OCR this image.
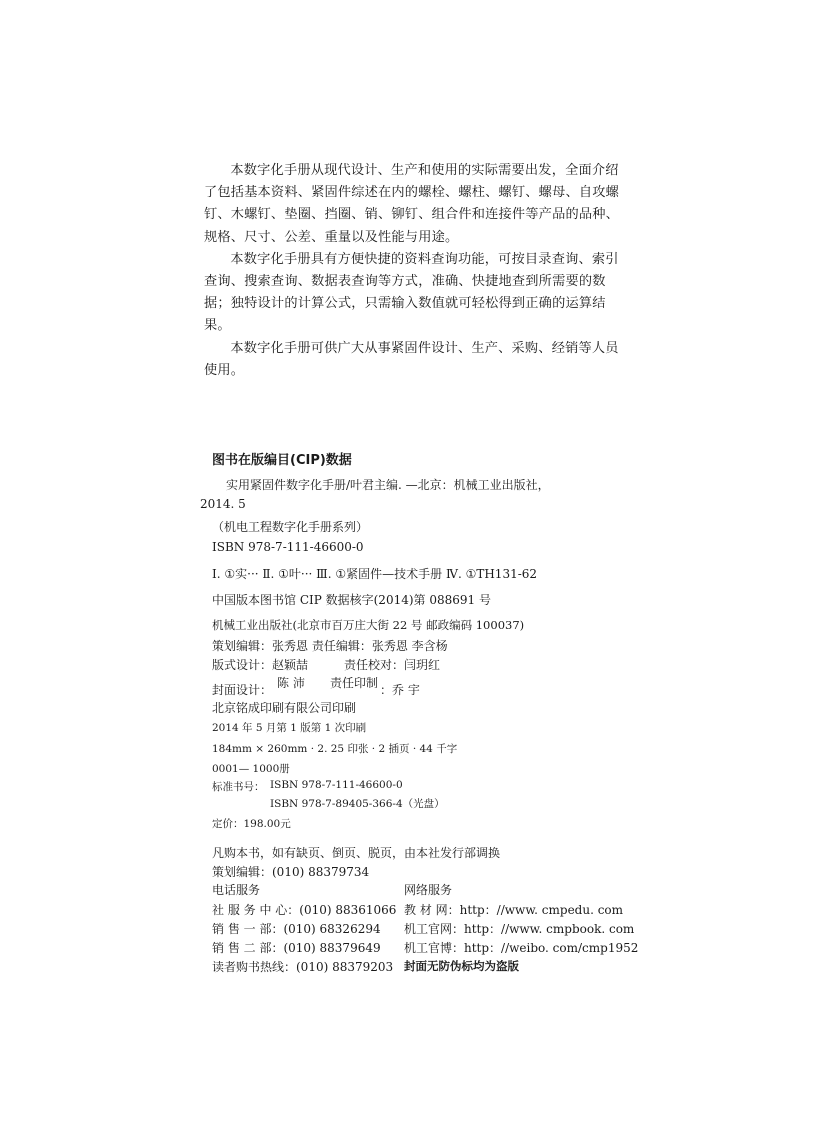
本数字化手册从现代设计、生产和使用的实际需要出发，全面介绍了包括基本资料、紧固件综述在内的螺栓、螺柱、螺钉、螺母、自攻螺钉、木螺钉、垫圈、挡圈、销、铆钉、组合件和连接件等产品的品种、规格、尺寸、公差、重量以及性能与用途。

本数字化手册具有方便快捷的资料查询功能，可按目录查询、索引查询、搜索查询、数据表查询等方式，准确、快捷地查到所需要的数据；独特设计的计算公式，只需输入数值就可轻松得到正确的运算结果。

本数字化手册可供广大从事紧固件设计、生产、采购、经销等人员使用。

图书在版编目(CIP)数据
实用紧固件数字化手册/叶君主编. —北京：机械工业出版社，
2014. 5
（机电工程数字化手册系列）
ISBN 978-7-111-46600-0
Ⅰ. ①实··· Ⅱ. ①叶··· Ⅲ. ①紧固件—技术手册 Ⅳ. ①TH131-62
中国版本图书馆 CIP 数据核字(2014)第 088691 号
机械工业出版社(北京市百万庄大街 22 号 邮政编码 100037)
策划编辑：张秀恩 责任编辑：张秀恩 李含杨
版式设计：赵颖喆	责任校对：闫玥红
封面设计： 陈 沛 责任印制 ：乔 宇
北京铭成印刷有限公司印刷
2014 年 5 月第 1 版第 1 次印刷
184mm × 260mm · 2. 25 印张 · 2 插页 · 44 千字
0001— 1000册
标准书号： ISBN 978-7-111-46600-0
ISBN 978-7-89405-366-4（光盘）
定价：198.00元
凡购本书，如有缺页、倒页、脱页，由本社发行部调换
策划编辑：(010) 88379734
电话服务	网络服务
社 服 务 中 心：(010) 88361066 教 材 网：http：//www. cmpedu. com
销 售 一 部：(010) 68326294 机工官网：http：//www. cmpbook. com
销 售 二 部：(010) 88379649 机工官博：http：//weibo. com/cmp1952
读者购书热线：(010) 88379203 封面无防伪标均为盗版
